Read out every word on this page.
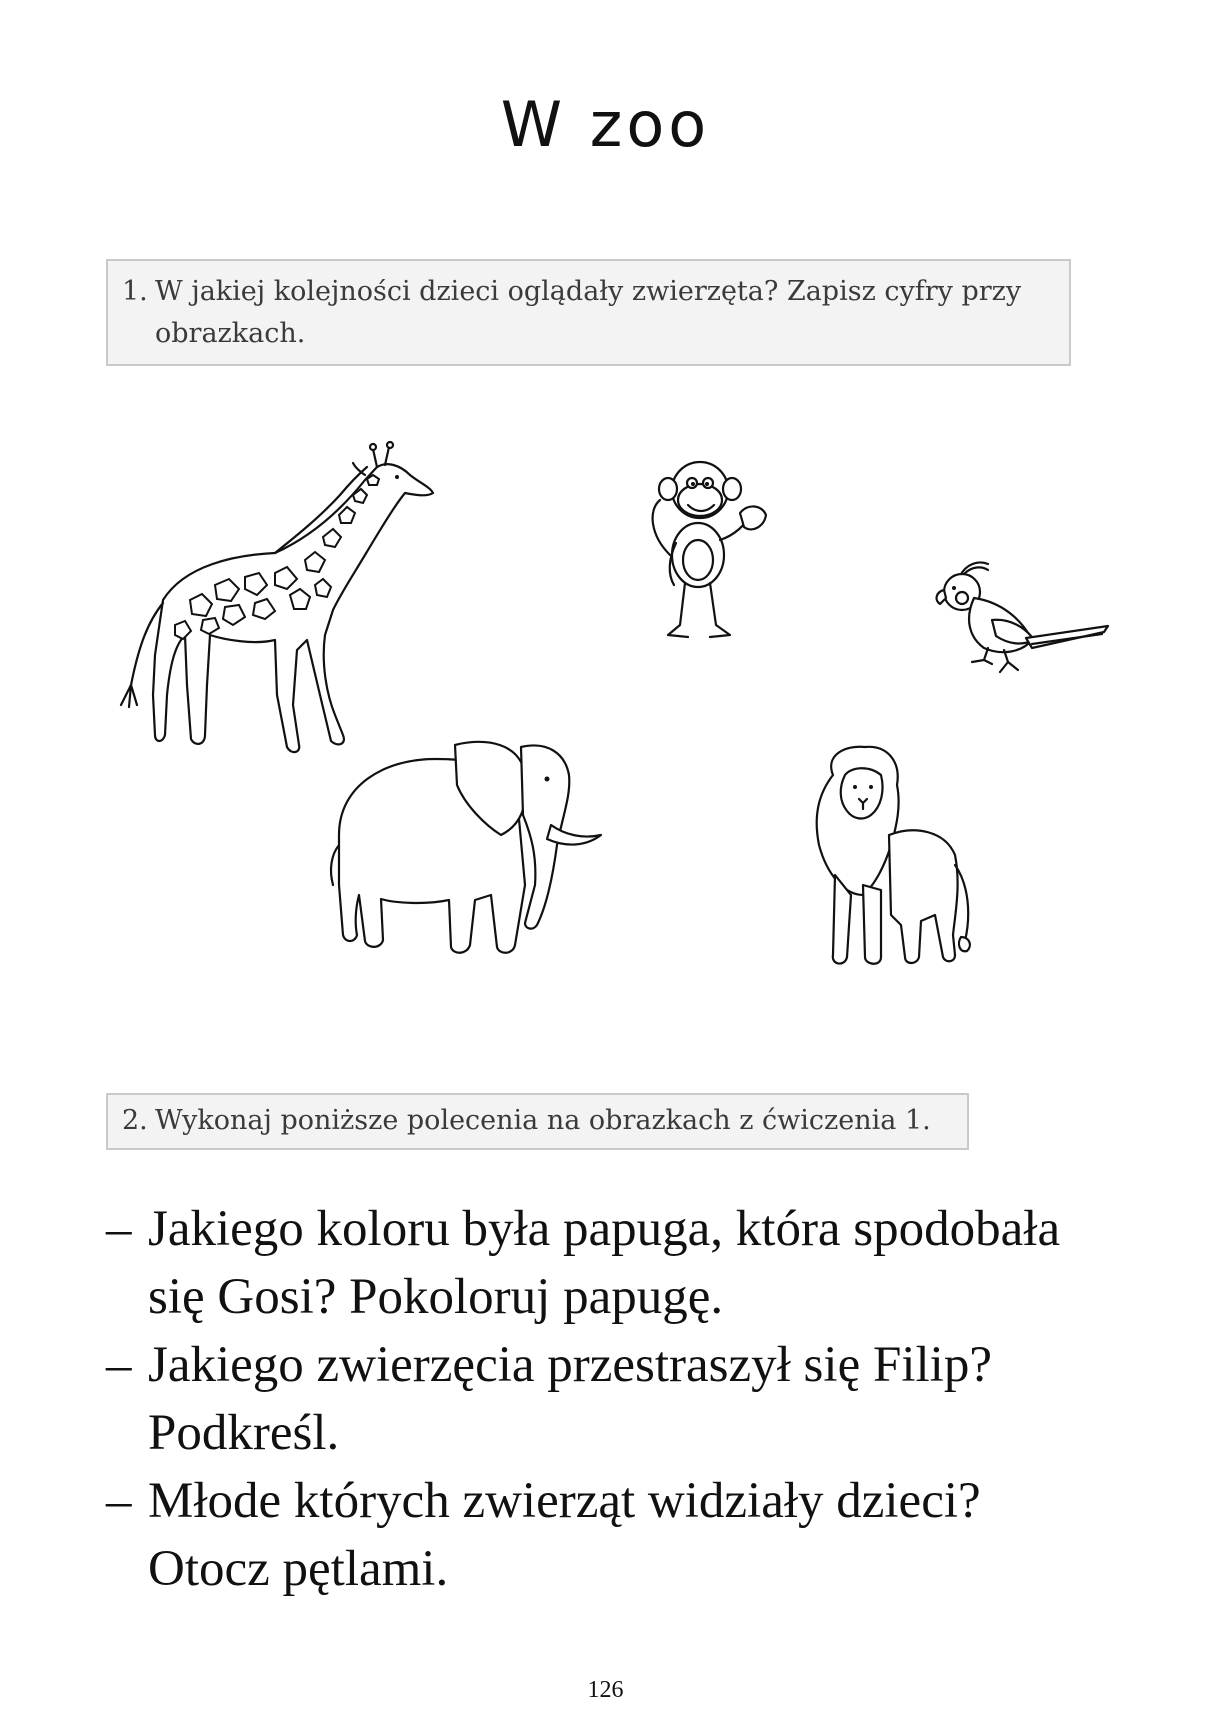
W zoo
1. W jakiej kolejności dzieci oglądały zwierzęta? Zapisz cyfry przy obrazkach.
2. Wykonaj poniższe polecenia na obrazkach z ćwiczenia 1.
– Jakiego koloru była papuga, która spodobała się Gosi? Pokoloruj papugę.
– Jakiego zwierzęcia przestraszył się Filip? Podkreśl.
– Młode których zwierząt widziały dzieci? Otocz pętlami.
126
